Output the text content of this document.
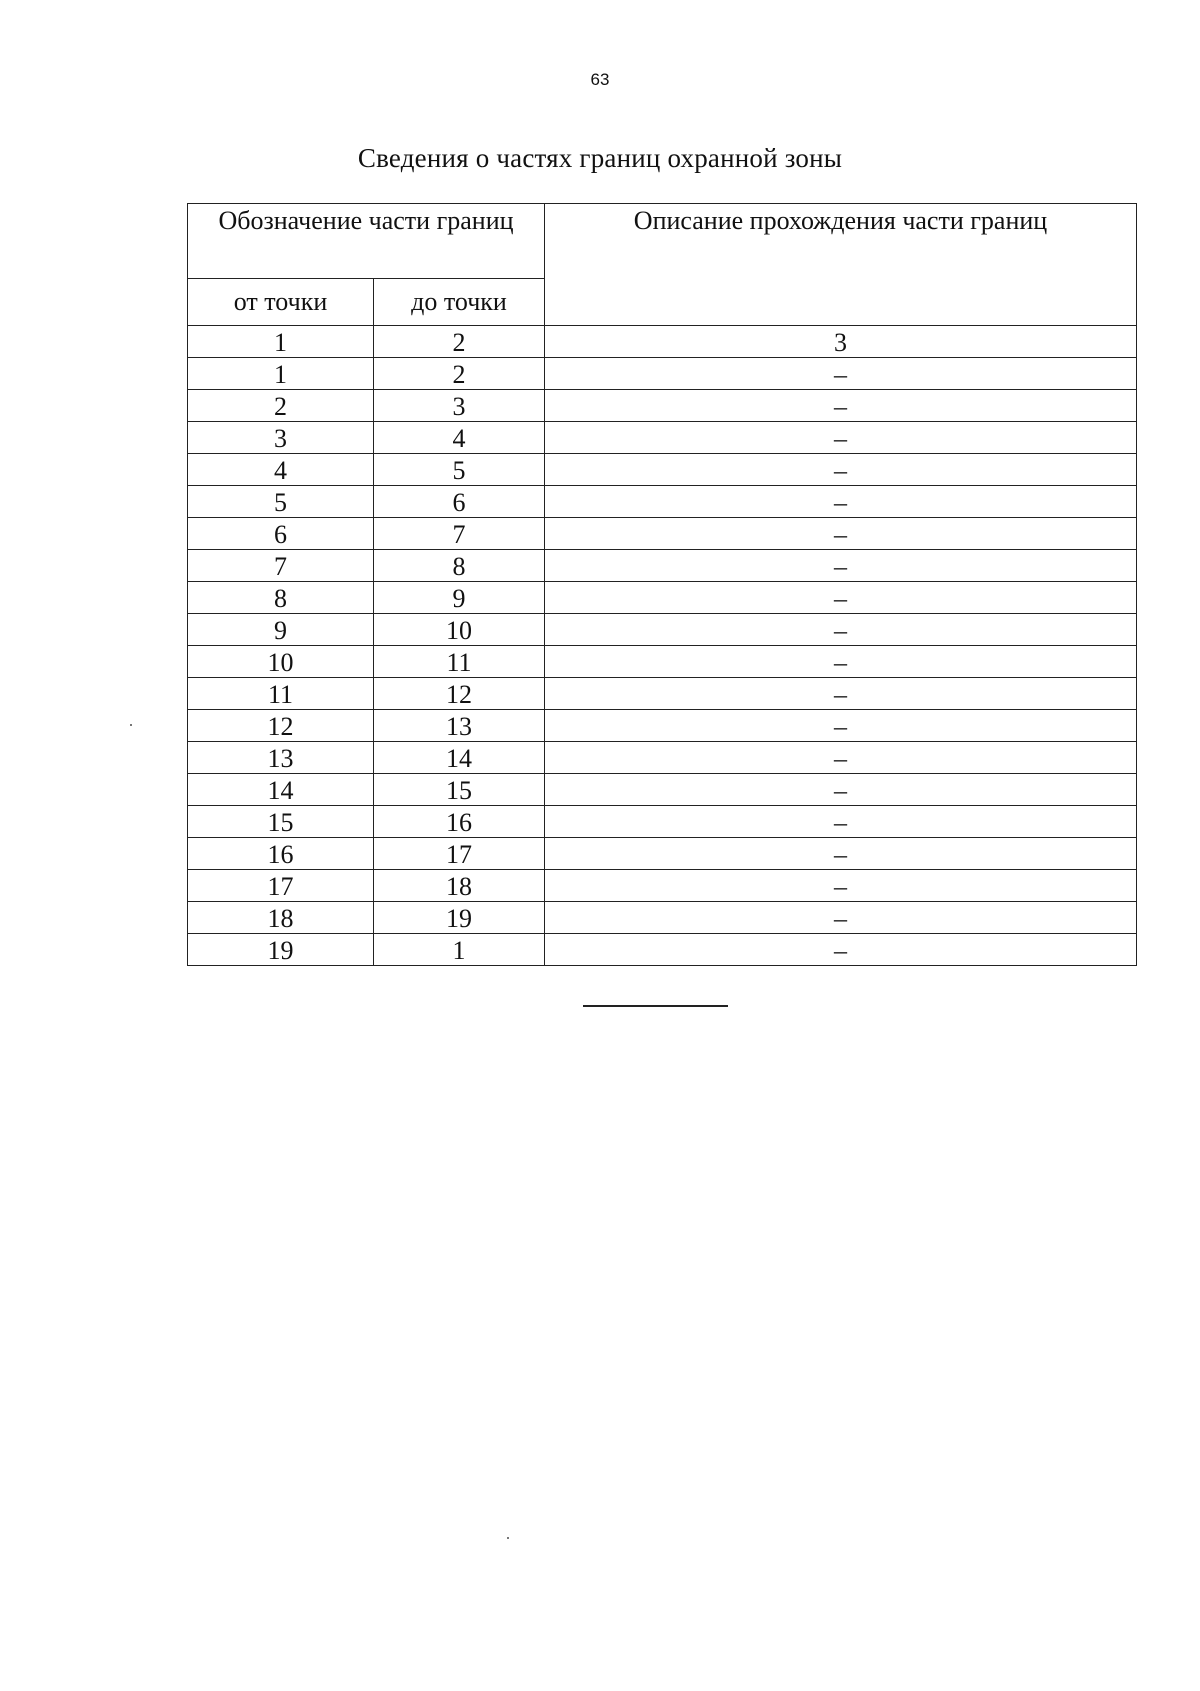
63
Сведения о частях границ охранной зоны
Обозначение части границ		Описание прохождения части границ
от точки	до точки	
1	2	3
1	2	–
2	3	–
3	4	–
4	5	–
5	6	–
6	7	–
7	8	–
8	9	–
9	10	–
10	11	–
11	12	–
12	13	–
13	14	–
14	15	–
15	16	–
16	17	–
17	18	–
18	19	–
19	1	–
